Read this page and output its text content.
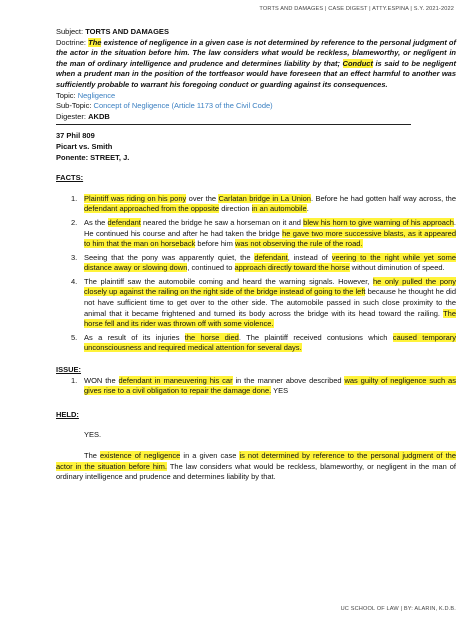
TORTS AND DAMAGES | CASE DIGEST | ATTY.ESPINA | S.Y. 2021-2022
Subject: TORTS AND DAMAGES
Doctrine: The existence of negligence in a given case is not determined by reference to the personal judgment of the actor in the situation before him. The law considers what would be reckless, blameworthy, or negligent in the man of ordinary intelligence and prudence and determines liability by that; Conduct is said to be negligent when a prudent man in the position of the tortfeasor would have foreseen that an effect harmful to another was sufficiently probable to warrant his foregoing conduct or guarding against its consequences.
Topic: Negligence
Sub-Topic: Concept of Negligence (Article 1173 of the Civil Code)
Digester: AKDB
37 Phil 809
Picart vs. Smith
Ponente: STREET, J.
FACTS:
1. Plaintiff was riding on his pony over the Carlatan bridge in La Union. Before he had gotten half way across, the defendant approached from the opposite direction in an automobile.
2. As the defendant neared the bridge he saw a horseman on it and blew his horn to give warning of his approach. He continued his course and after he had taken the bridge he gave two more successive blasts, as it appeared to him that the man on horseback before him was not observing the rule of the road.
3. Seeing that the pony was apparently quiet, the defendant, instead of veering to the right while yet some distance away or slowing down, continued to approach directly toward the horse without diminution of speed.
4. The plaintiff saw the automobile coming and heard the warning signals. However, he only pulled the pony closely up against the railing on the right side of the bridge instead of going to the left because he thought he did not have sufficient time to get over to the other side. The automobile passed in such close proximity to the animal that it became frightened and turned its body across the bridge with its head toward the railing. The horse fell and its rider was thrown off with some violence.
5. As a result of its injuries the horse died. The plaintiff received contusions which caused temporary unconsciousness and required medical attention for several days.
ISSUE:
1. WON the defendant in maneuvering his car in the manner above described was guilty of negligence such as gives rise to a civil obligation to repair the damage done. YES
HELD:
YES.
The existence of negligence in a given case is not determined by reference to the personal judgment of the actor in the situation before him. The law considers what would be reckless, blameworthy, or negligent in the man of ordinary intelligence and prudence and determines liability by that.
UC SCHOOL OF LAW | BY: ALARIN, K.D.B.
